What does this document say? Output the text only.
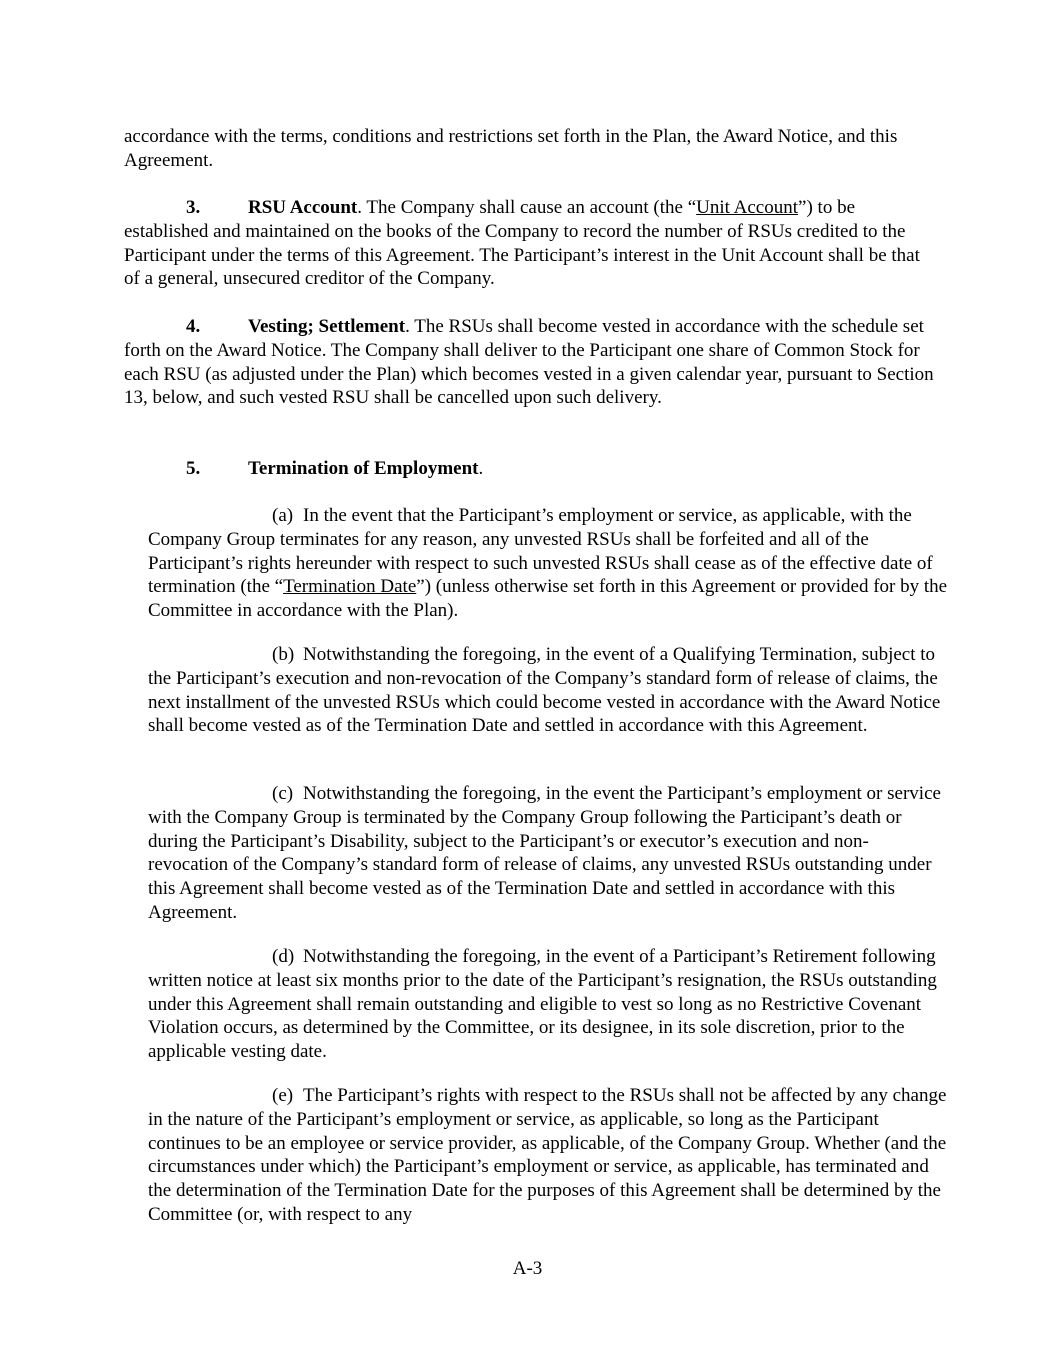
accordance with the terms, conditions and restrictions set forth in the Plan, the Award Notice, and this Agreement.

3.	RSU Account. The Company shall cause an account (the “Unit Account”) to be established and maintained on the books of the Company to record the number of RSUs credited to the Participant under the terms of this Agreement. The Participant’s interest in the Unit Account shall be that of a general, unsecured creditor of the Company.

4.	Vesting; Settlement. The RSUs shall become vested in accordance with the schedule set forth on the Award Notice. The Company shall deliver to the Participant one share of Common Stock for each RSU (as adjusted under the Plan) which becomes vested in a given calendar year, pursuant to Section 13, below, and such vested RSU shall be cancelled upon such delivery.

5.	Termination of Employment.

(a) In the event that the Participant’s employment or service, as applicable, with the Company Group terminates for any reason, any unvested RSUs shall be forfeited and all of the Participant’s rights hereunder with respect to such unvested RSUs shall cease as of the effective date of termination (the “Termination Date”) (unless otherwise set forth in this Agreement or provided for by the Committee in accordance with the Plan).

(b) Notwithstanding the foregoing, in the event of a Qualifying Termination, subject to the Participant’s execution and non-revocation of the Company’s standard form of release of claims, the next installment of the unvested RSUs which could become vested in accordance with the Award Notice shall become vested as of the Termination Date and settled in accordance with this Agreement.

(c) Notwithstanding the foregoing, in the event the Participant’s employment or service with the Company Group is terminated by the Company Group following the Participant’s death or during the Participant’s Disability, subject to the Participant’s or executor’s execution and non-revocation of the Company’s standard form of release of claims, any unvested RSUs outstanding under this Agreement shall become vested as of the Termination Date and settled in accordance with this Agreement.

(d) Notwithstanding the foregoing, in the event of a Participant’s Retirement following written notice at least six months prior to the date of the Participant’s resignation, the RSUs outstanding under this Agreement shall remain outstanding and eligible to vest so long as no Restrictive Covenant Violation occurs, as determined by the Committee, or its designee, in its sole discretion, prior to the applicable vesting date.

(e) The Participant’s rights with respect to the RSUs shall not be affected by any change in the nature of the Participant’s employment or service, as applicable, so long as the Participant continues to be an employee or service provider, as applicable, of the Company Group. Whether (and the circumstances under which) the Participant’s employment or service, as applicable, has terminated and the determination of the Termination Date for the purposes of this Agreement shall be determined by the Committee (or, with respect to any

A-3
